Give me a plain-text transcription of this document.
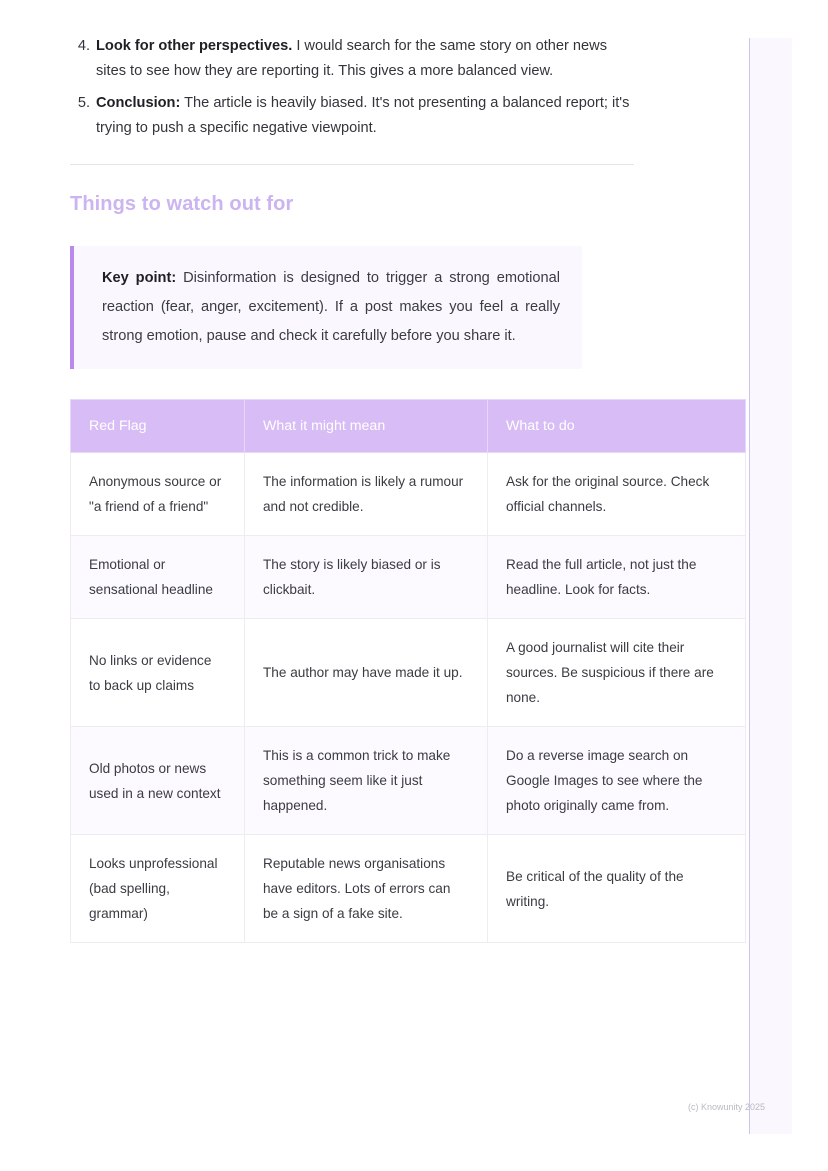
4. Look for other perspectives. I would search for the same story on other news sites to see how they are reporting it. This gives a more balanced view.
5. Conclusion: The article is heavily biased. It's not presenting a balanced report; it's trying to push a specific negative viewpoint.
Things to watch out for

Key point: Disinformation is designed to trigger a strong emotional reaction (fear, anger, excitement). If a post makes you feel a really strong emotion, pause and check it carefully before you share it.

Red Flag	What it might mean	What to do
Anonymous source or "a friend of a friend"	The information is likely a rumour and not credible.	Ask for the original source. Check official channels.
Emotional or sensational headline	The story is likely biased or is clickbait.	Read the full article, not just the headline. Look for facts.
No links or evidence to back up claims	The author may have made it up.	A good journalist will cite their sources. Be suspicious if there are none.
Old photos or news used in a new context	This is a common trick to make something seem like it just happened.	Do a reverse image search on Google Images to see where the photo originally came from.
Looks unprofessional (bad spelling, grammar)	Reputable news organisations have editors. Lots of errors can be a sign of a fake site.	Be critical of the quality of the writing.
(c) Knowunity 2025
